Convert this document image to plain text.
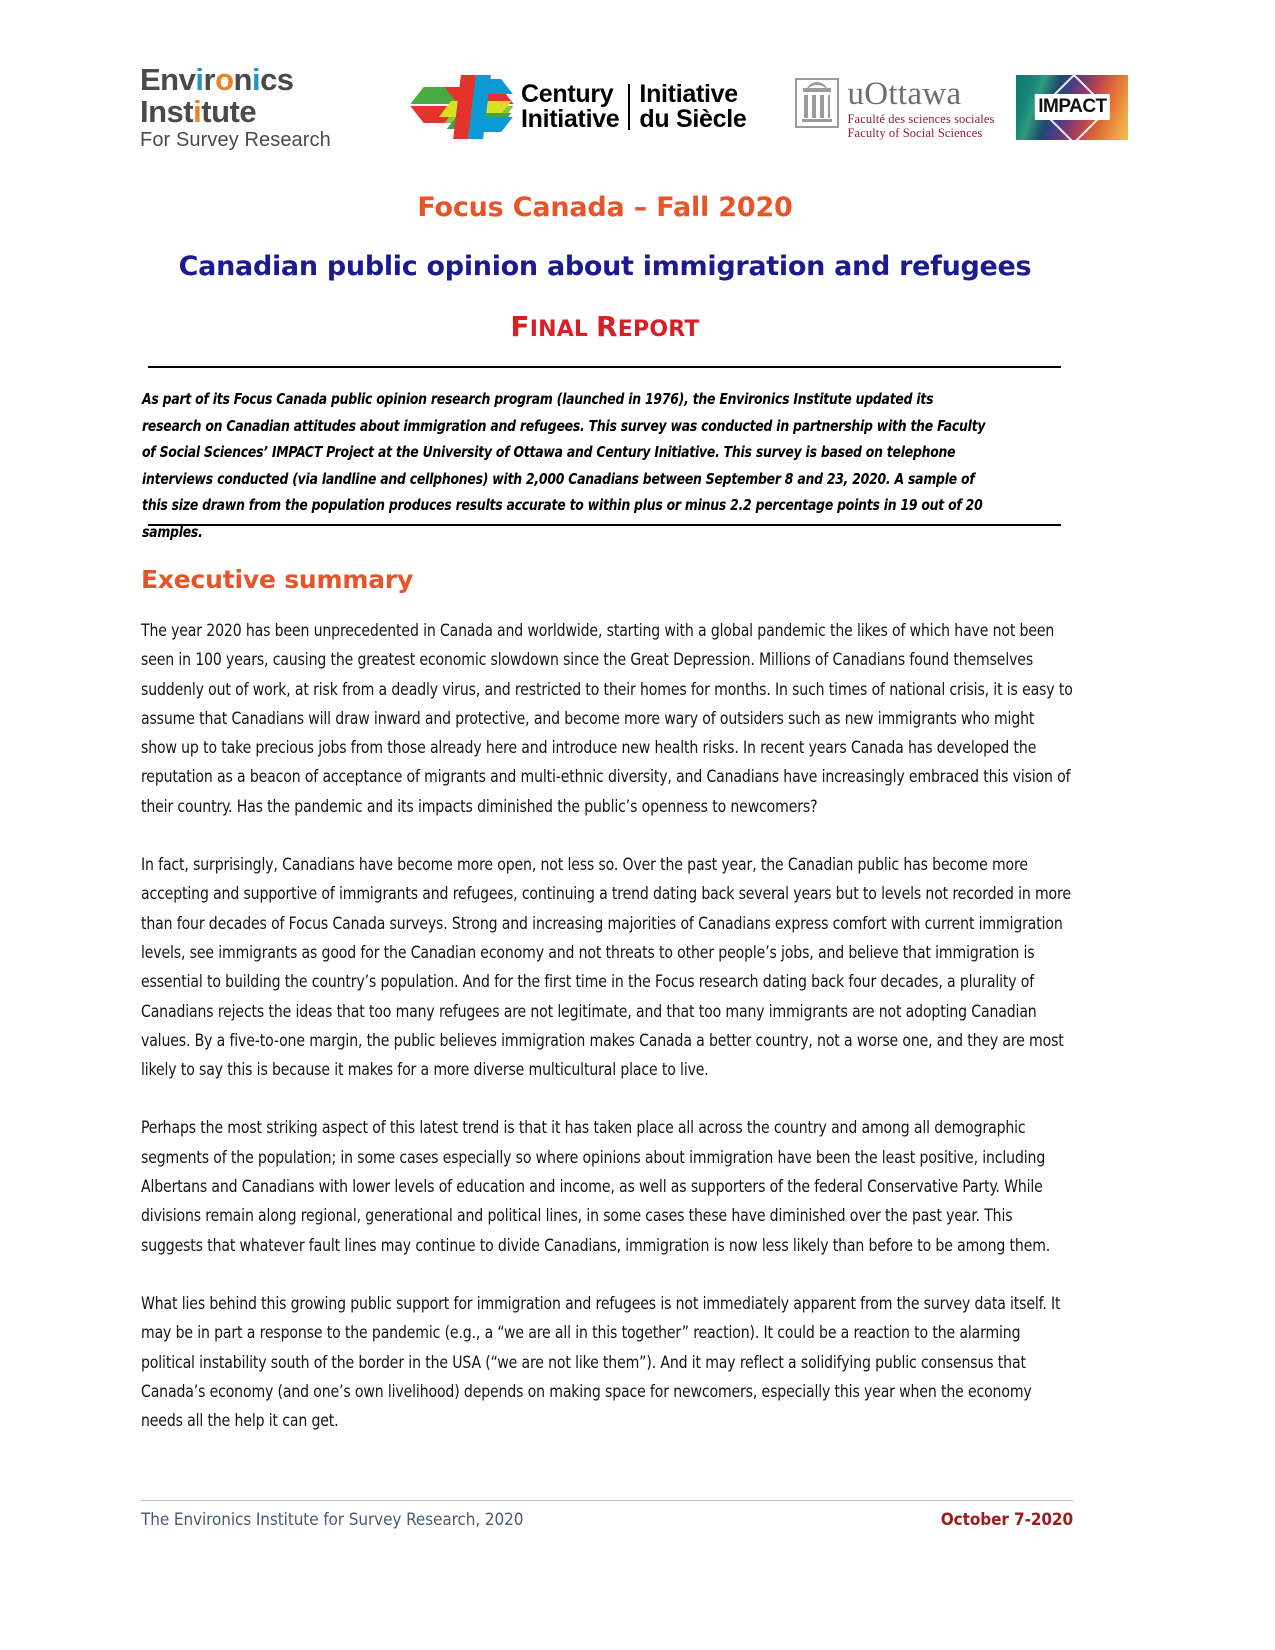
Environics
Institute
For Survey Research
Century
Initiative
Initiative
du Siècle
uOttawa
Faculté des sciences sociales
Faculty of Social Sciences
IMPACT
Focus Canada – Fall 2020
Canadian public opinion about immigration and refugees
FINAL REPORT
As part of its Focus Canada public opinion research program (launched in 1976), the Environics Institute updated its research on Canadian attitudes about immigration and refugees. This survey was conducted in partnership with the Faculty of Social Sciences’ IMPACT Project at the University of Ottawa and Century Initiative. This survey is based on telephone interviews conducted (via landline and cellphones) with 2,000 Canadians between September 8 and 23, 2020. A sample of this size drawn from the population produces results accurate to within plus or minus 2.2 percentage points in 19 out of 20 samples.
Executive summary

The year 2020 has been unprecedented in Canada and worldwide, starting with a global pandemic the likes of which have not been seen in 100 years, causing the greatest economic slowdown since the Great Depression. Millions of Canadians found themselves suddenly out of work, at risk from a deadly virus, and restricted to their homes for months. In such times of national crisis, it is easy to assume that Canadians will draw inward and protective, and become more wary of outsiders such as new immigrants who might show up to take precious jobs from those already here and introduce new health risks. In recent years Canada has developed the reputation as a beacon of acceptance of migrants and multi-ethnic diversity, and Canadians have increasingly embraced this vision of their country. Has the pandemic and its impacts diminished the public’s openness to newcomers?

In fact, surprisingly, Canadians have become more open, not less so. Over the past year, the Canadian public has become more accepting and supportive of immigrants and refugees, continuing a trend dating back several years but to levels not recorded in more than four decades of Focus Canada surveys. Strong and increasing majorities of Canadians express comfort with current immigration levels, see immigrants as good for the Canadian economy and not threats to other people’s jobs, and believe that immigration is essential to building the country’s population. And for the first time in the Focus research dating back four decades, a plurality of Canadians rejects the ideas that too many refugees are not legitimate, and that too many immigrants are not adopting Canadian values. By a five-to-one margin, the public believes immigration makes Canada a better country, not a worse one, and they are most likely to say this is because it makes for a more diverse multicultural place to live.

Perhaps the most striking aspect of this latest trend is that it has taken place all across the country and among all demographic segments of the population; in some cases especially so where opinions about immigration have been the least positive, including Albertans and Canadians with lower levels of education and income, as well as supporters of the federal Conservative Party. While divisions remain along regional, generational and political lines, in some cases these have diminished over the past year. This suggests that whatever fault lines may continue to divide Canadians, immigration is now less likely than before to be among them.

What lies behind this growing public support for immigration and refugees is not immediately apparent from the survey data itself. It may be in part a response to the pandemic (e.g., a “we are all in this together” reaction). It could be a reaction to the alarming political instability south of the border in the USA (“we are not like them”). And it may reflect a solidifying public consensus that Canada’s economy (and one’s own livelihood) depends on making space for newcomers, especially this year when the economy needs all the help it can get.

The Environics Institute for Survey Research, 2020	October 7-2020
